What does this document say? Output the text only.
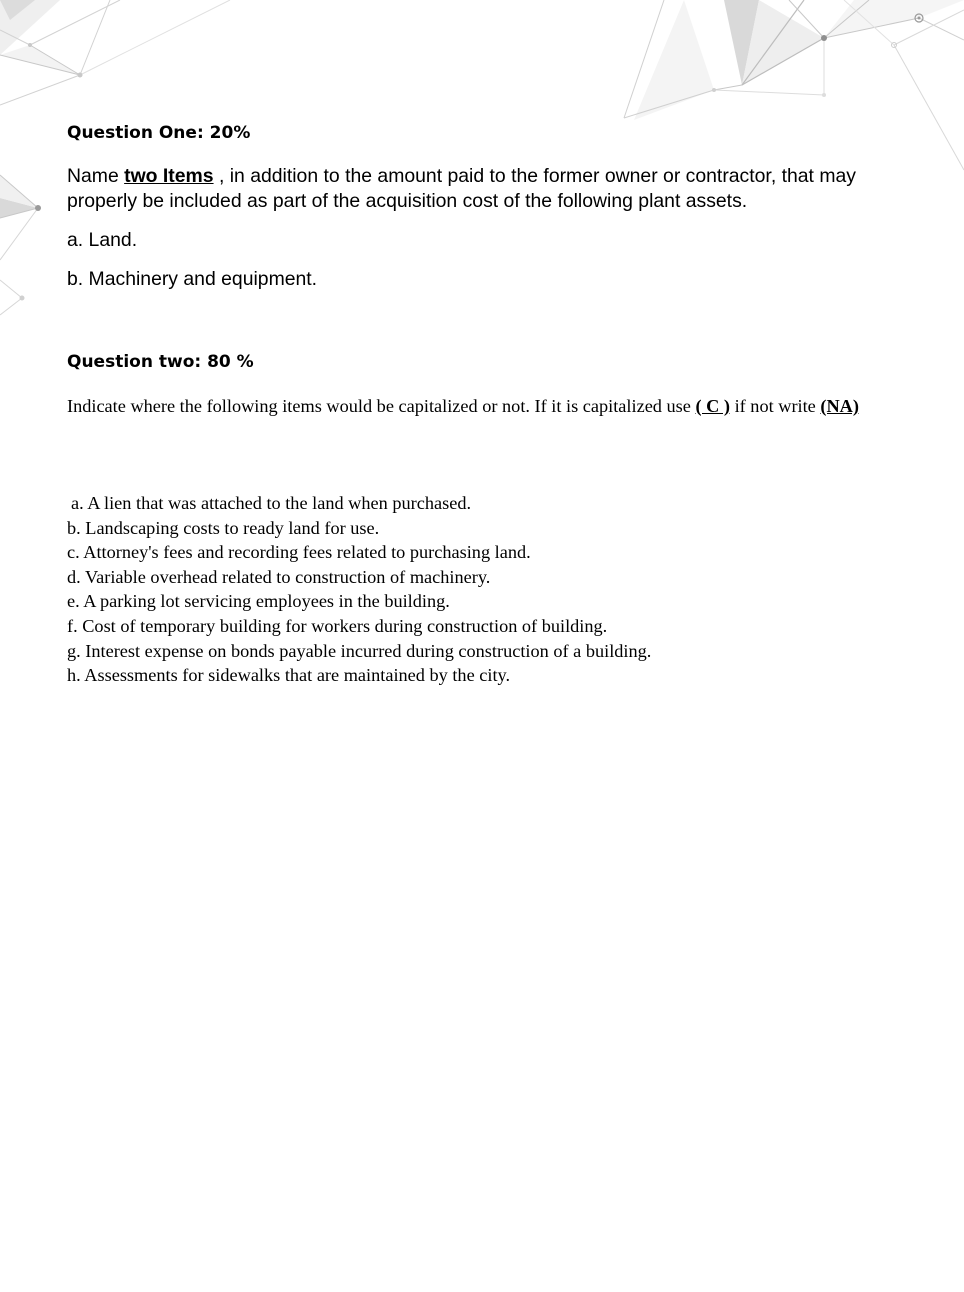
Question One: 20%

Name two Items , in addition to the amount paid to the former owner or contractor, that may properly be included as part of the acquisition cost of the following plant assets.

a. Land.

b. Machinery and equipment.

Question two: 80 %

Indicate where the following items would be capitalized or not. If it is capitalized use ( C ) if not write (NA)

a. A lien that was attached to the land when purchased.
b. Landscaping costs to ready land for use.
c. Attorney's fees and recording fees related to purchasing land.
d. Variable overhead related to construction of machinery.
e. A parking lot servicing employees in the building.
f. Cost of temporary building for workers during construction of building.
g. Interest expense on bonds payable incurred during construction of a building.
h. Assessments for sidewalks that are maintained by the city.
